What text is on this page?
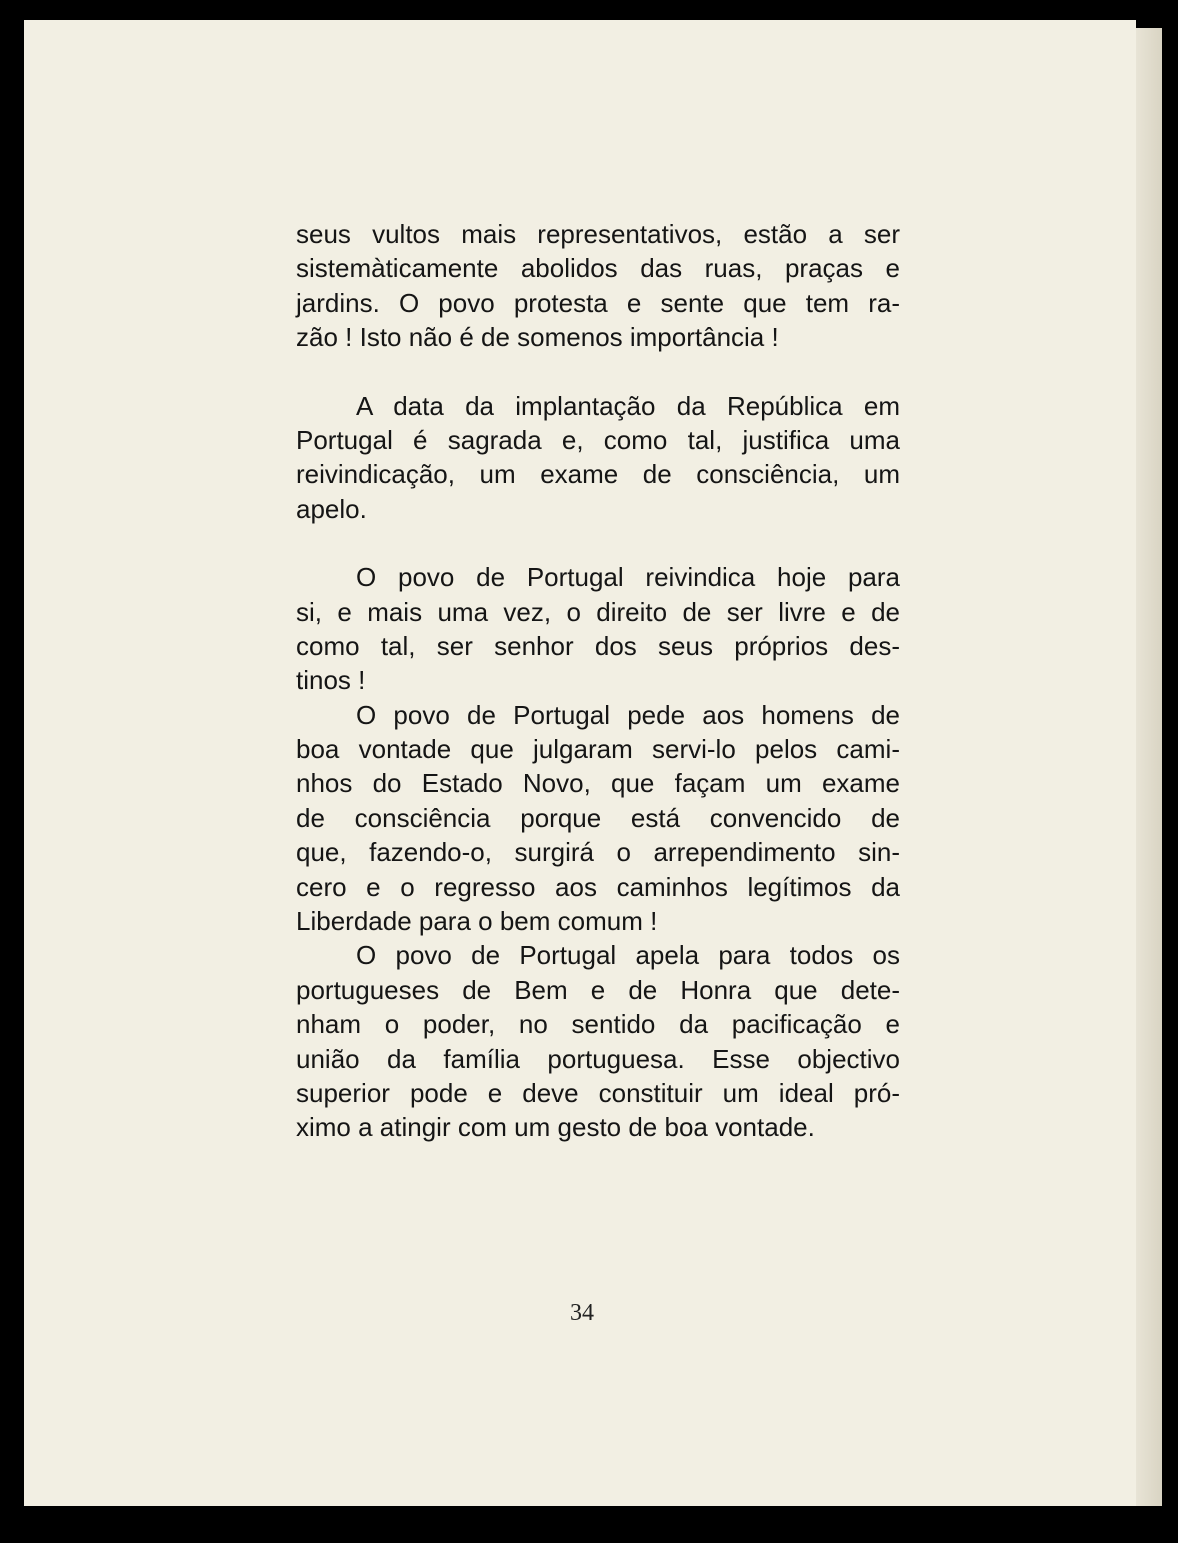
seus vultos mais representativos, estão a ser
sistemàticamente abolidos das ruas, praças e
jardins. O povo protesta e sente que tem ra-
zão ! Isto não é de somenos importância !
A data da implantação da República em
Portugal é sagrada e, como tal, justifica uma
reivindicação, um exame de consciência, um
apelo.
O povo de Portugal reivindica hoje para
si, e mais uma vez, o direito de ser livre e de
como tal, ser senhor dos seus próprios des-
tinos !
O povo de Portugal pede aos homens de
boa vontade que julgaram servi-lo pelos cami-
nhos do Estado Novo, que façam um exame
de consciência porque está convencido de
que, fazendo-o, surgirá o arrependimento sin-
cero e o regresso aos caminhos legítimos da
Liberdade para o bem comum !
O povo de Portugal apela para todos os
portugueses de Bem e de Honra que dete-
nham o poder, no sentido da pacificação e
união da família portuguesa. Esse objectivo
superior pode e deve constituir um ideal pró-
ximo a atingir com um gesto de boa vontade.
34
